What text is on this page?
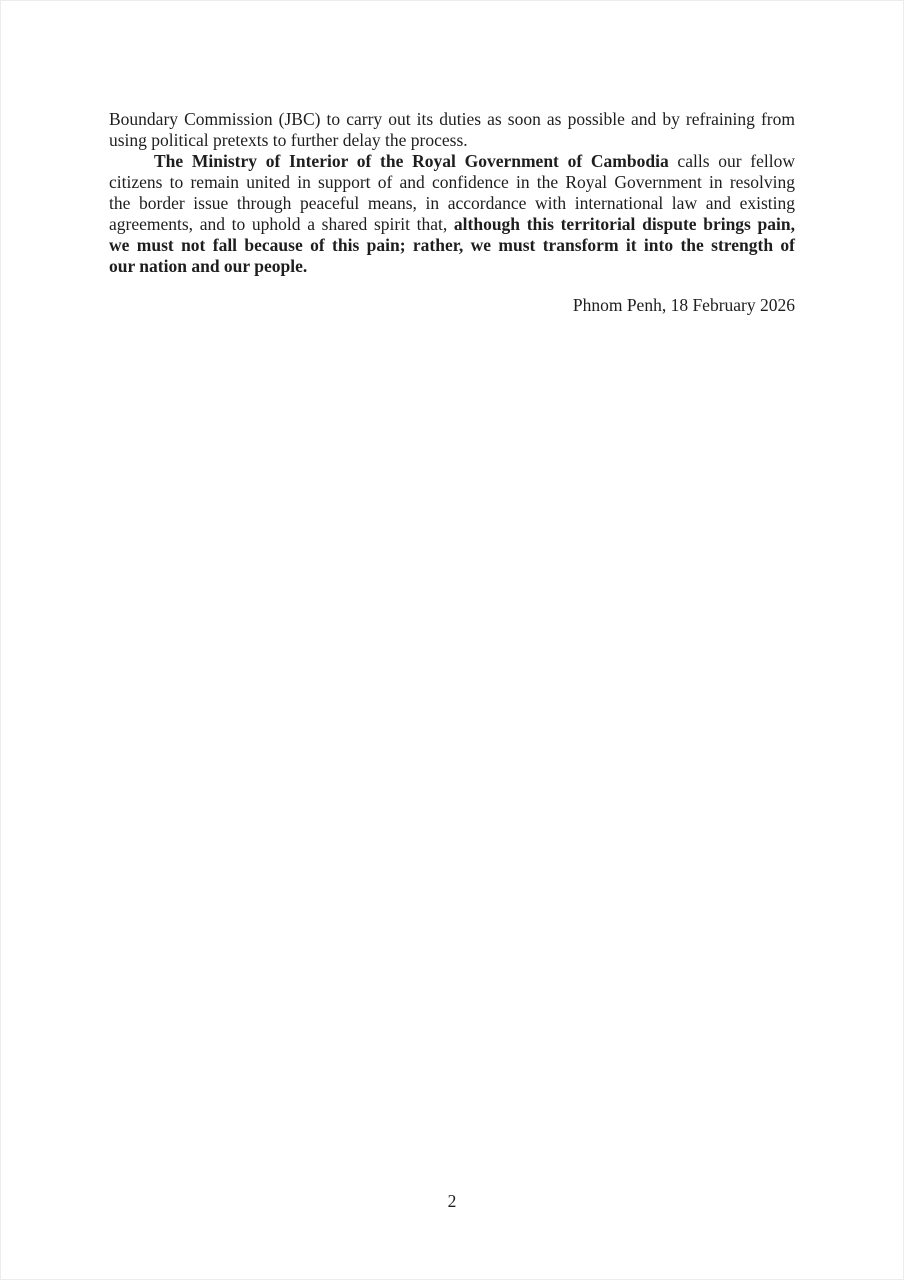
Boundary Commission (JBC) to carry out its duties as soon as possible and by refraining from
using political pretexts to further delay the process.
The Ministry of Interior of the Royal Government of Cambodia calls our fellow
citizens to remain united in support of and confidence in the Royal Government in resolving
the border issue through peaceful means, in accordance with international law and existing
agreements, and to uphold a shared spirit that, although this territorial dispute brings pain,
we must not fall because of this pain; rather, we must transform it into the strength of
our nation and our people.
Phnom Penh, 18 February 2026
2
